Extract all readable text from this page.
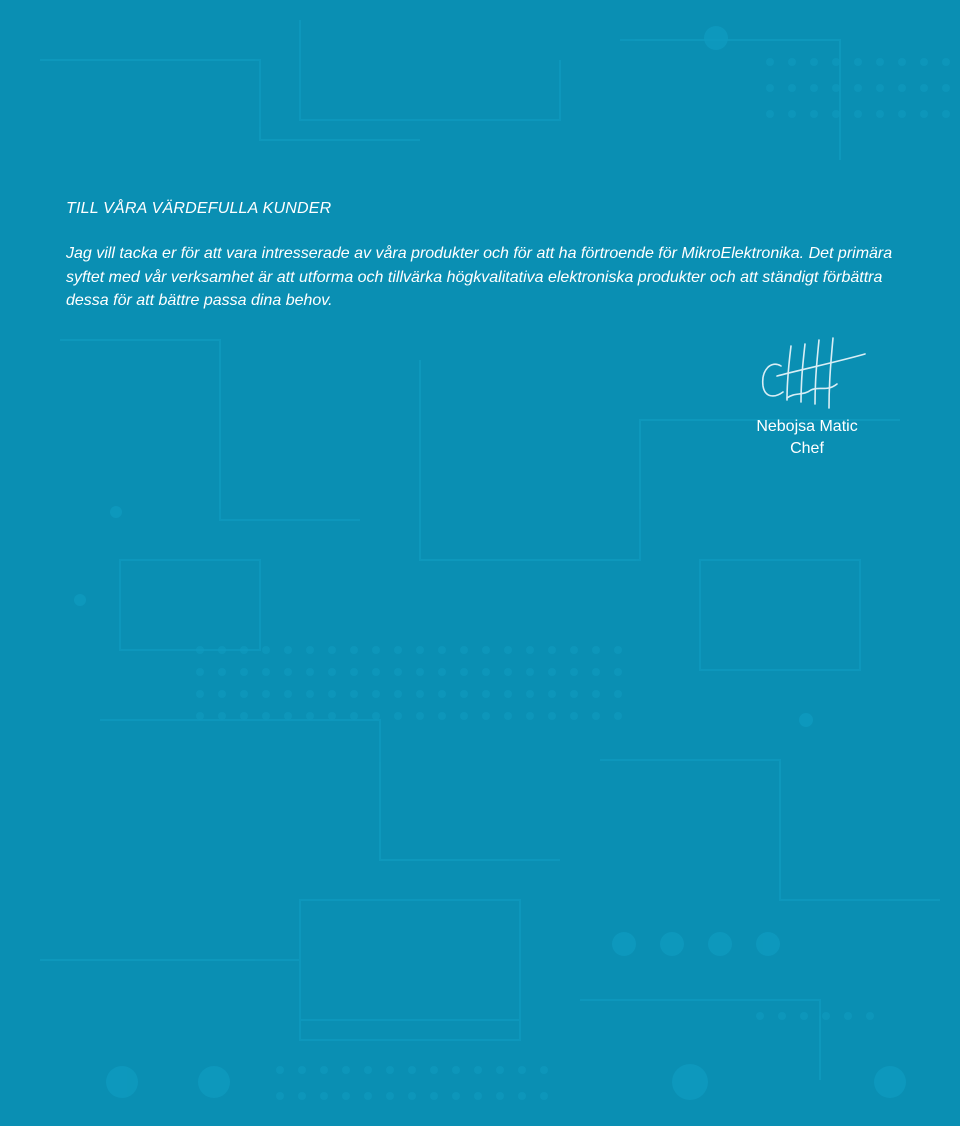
TILL VÅRA VÄRDEFULLA KUNDER

Jag vill tacka er för att vara intresserade av våra produkter och för att ha förtroende för MikroElektronika. Det primära syftet med vår verksamhet är att utforma och tillvärka högkvalitativa elektroniska produkter och att ständigt förbättra dessa för att bättre passa dina behov.

Nebojsa Matic
Chef
